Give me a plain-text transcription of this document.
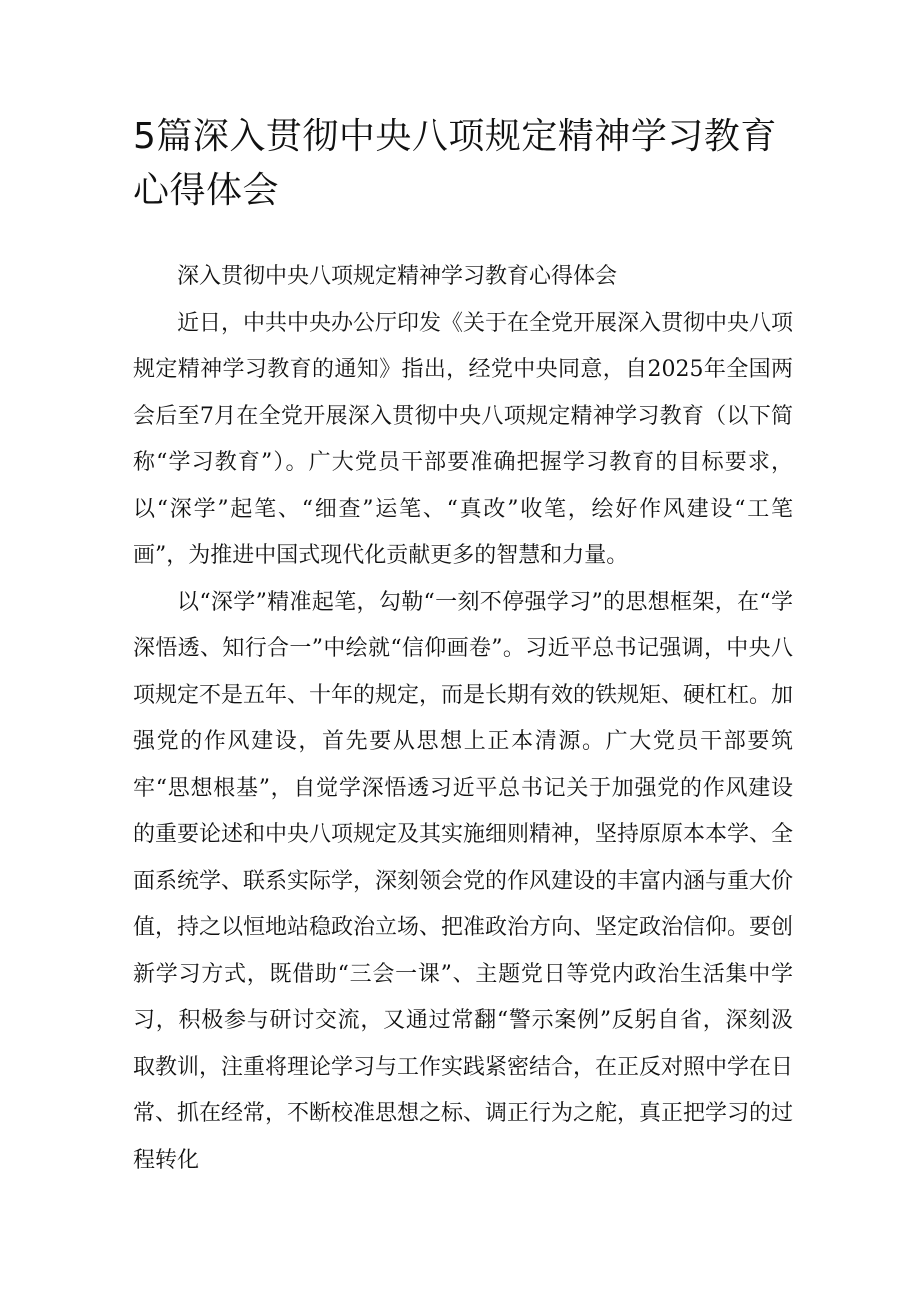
5篇深入贯彻中央八项规定精神学习教育心得体会

深入贯彻中央八项规定精神学习教育心得体会

近日，中共中央办公厅印发《关于在全党开展深入贯彻中央八项规定精神学习教育的通知》指出，经党中央同意，自2025年全国两会后至7月在全党开展深入贯彻中央八项规定精神学习教育（以下简称“学习教育”）。广大党员干部要准确把握学习教育的目标要求，以“深学”起笔、“细查”运笔、“真改”收笔，绘好作风建设“工笔画”，为推进中国式现代化贡献更多的智慧和力量。

以“深学”精准起笔，勾勒“一刻不停强学习”的思想框架，在“学深悟透、知行合一”中绘就“信仰画卷”。习近平总书记强调，中央八项规定不是五年、十年的规定，而是长期有效的铁规矩、硬杠杠。加强党的作风建设，首先要从思想上正本清源。广大党员干部要筑牢“思想根基”，自觉学深悟透习近平总书记关于加强党的作风建设的重要论述和中央八项规定及其实施细则精神，坚持原原本本学、全面系统学、联系实际学，深刻领会党的作风建设的丰富内涵与重大价值，持之以恒地站稳政治立场、把准政治方向、坚定政治信仰。要创新学习方式，既借助“三会一课”、主题党日等党内政治生活集中学习，积极参与研讨交流，又通过常翻“警示案例”反躬自省，深刻汲取教训，注重将理论学习与工作实践紧密结合，在正反对照中学在日常、抓在经常，不断校准思想之标、调正行为之舵，真正把学习的过程转化
